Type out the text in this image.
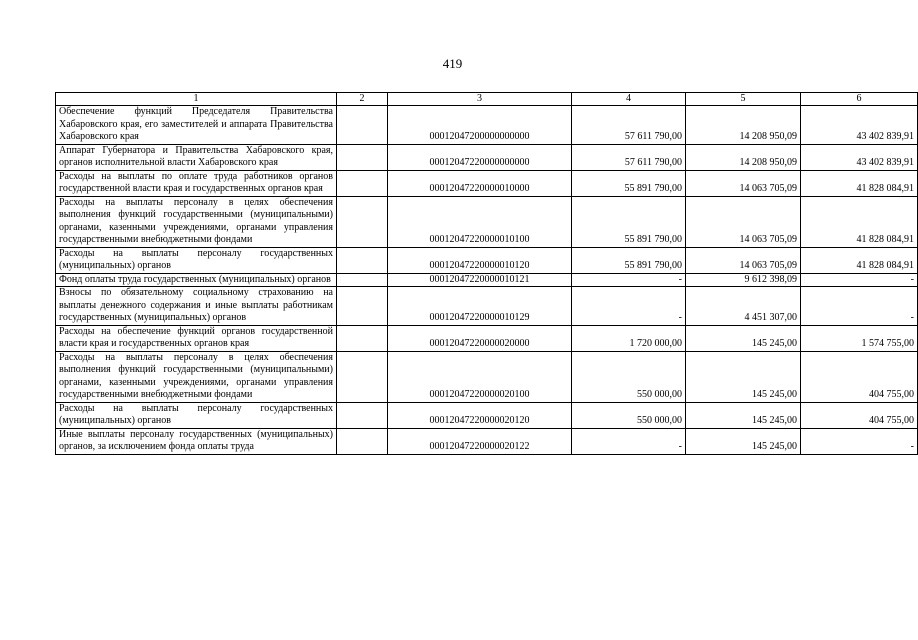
419
1	2	3	4	5	6
Обеспечение функций Председателя Правительства Хабаровского края, его заместителей и аппарата Правительства Хабаровского края		00012047200000000000	57 611 790,00	14 208 950,09	43 402 839,91
Аппарат Губернатора и Правительства Хабаровского края, органов исполнительной власти Хабаровского края		00012047220000000000	57 611 790,00	14 208 950,09	43 402 839,91
Расходы на выплаты по оплате труда работников органов государственной власти края и государственных органов края		00012047220000010000	55 891 790,00	14 063 705,09	41 828 084,91
Расходы на выплаты персоналу в целях обеспечения выполнения функций государственными (муниципальными) органами, казенными учреждениями, органами управления государственными внебюджетными фондами		00012047220000010100	55 891 790,00	14 063 705,09	41 828 084,91
Расходы на выплаты персоналу государственных (муниципальных) органов		00012047220000010120	55 891 790,00	14 063 705,09	41 828 084,91
Фонд оплаты труда государственных (муниципальных) органов		00012047220000010121	-	9 612 398,09	-
Взносы по обязательному социальному страхованию на выплаты денежного содержания и иные выплаты работникам государственных (муниципальных) органов		00012047220000010129	-	4 451 307,00	-
Расходы на обеспечение функций органов государственной власти края и государственных органов края		00012047220000020000	1 720 000,00	145 245,00	1 574 755,00
Расходы на выплаты персоналу в целях обеспечения выполнения функций государственными (муниципальными) органами, казенными учреждениями, органами управления государственными внебюджетными фондами		00012047220000020100	550 000,00	145 245,00	404 755,00
Расходы на выплаты персоналу государственных (муниципальных) органов		00012047220000020120	550 000,00	145 245,00	404 755,00
Иные выплаты персоналу государственных (муниципальных) органов, за исключением фонда оплаты труда		00012047220000020122	-	145 245,00	-
